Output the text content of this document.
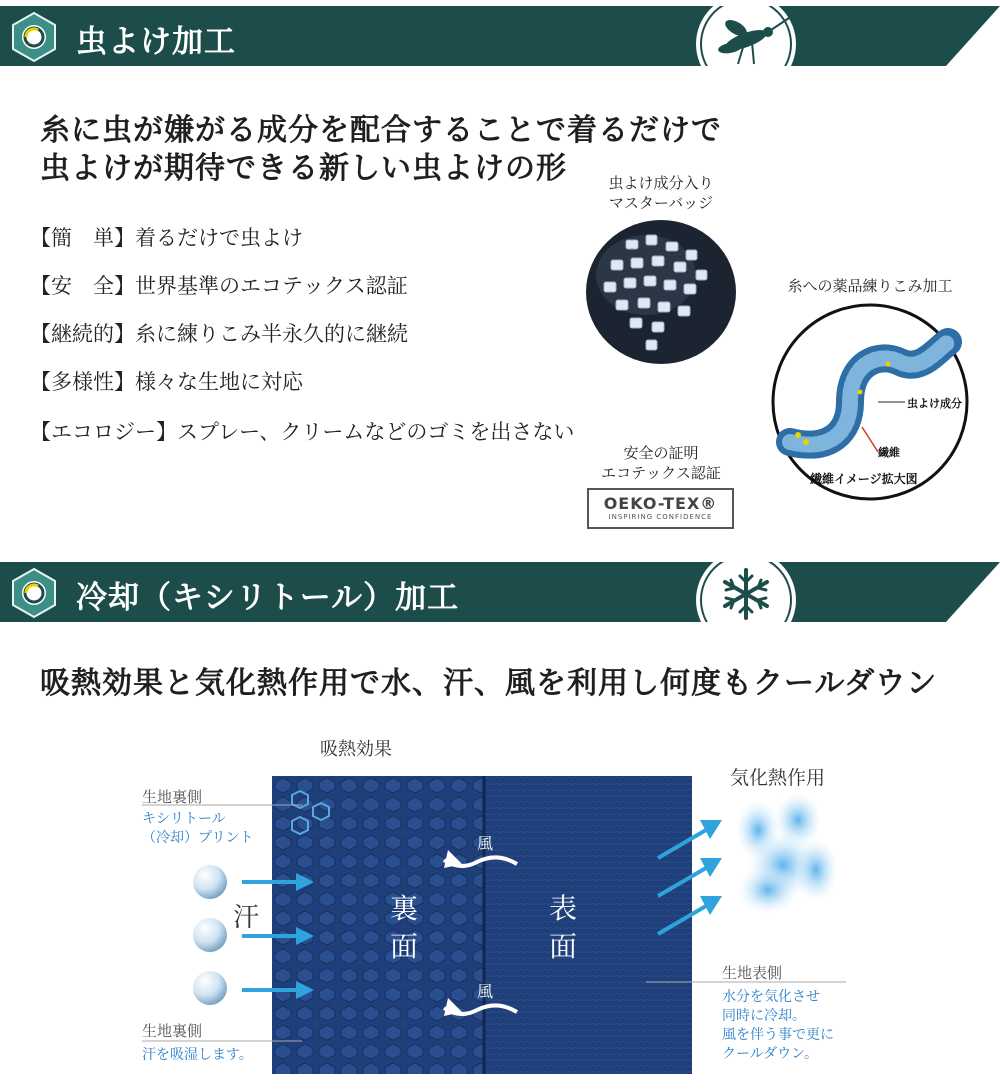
虫よけ加工
糸に虫が嫌がる成分を配合することで着るだけで
虫よけが期待できる新しい虫よけの形
【簡　単】着るだけで虫よけ
【安　全】世界基準のエコテックス認証
【継続的】糸に練りこみ半永久的に継続
【多様性】様々な生地に対応
【エコロジー】スプレー、クリームなどのゴミを出さない
虫よけ成分入り
マスターバッジ
糸への薬品練りこみ加工
虫よけ成分
繊維
繊維イメージ拡大図
安全の証明
エコテックス認証
OEKO-TEX®
INSPIRING CONFIDENCE
冷却（キシリトール）加工
吸熱効果と気化熱作用で水、汗、風を利用し何度もクールダウン
裏
面
表
面
風
風
吸熱効果
生地裏側
キシリトール
（冷却）プリント
汗
生地裏側
汗を吸湿します。
気化熱作用
生地表側
水分を気化させ
同時に冷却。
風を伴う事で更に
クールダウン。
